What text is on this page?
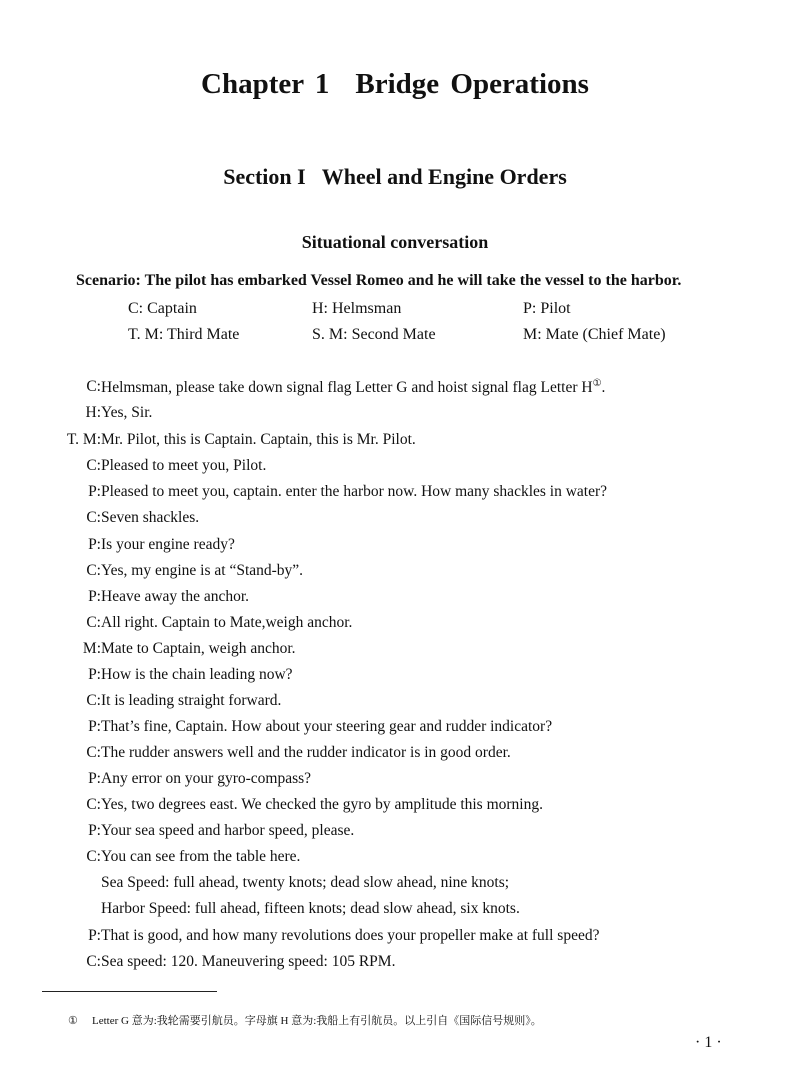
Chapter 1 Bridge Operations
Section I Wheel and Engine Orders
Situational conversation
Scenario: The pilot has embarked Vessel Romeo and he will take the vessel to the harbor.
C: Captain	H: Helmsman	P: Pilot
T. M: Third Mate	S. M: Second Mate	M: Mate (Chief Mate)
C: Helmsman, please take down signal flag Letter G and hoist signal flag Letter H①.
H: Yes, Sir.
T. M: Mr. Pilot, this is Captain. Captain, this is Mr. Pilot.
C: Pleased to meet you, Pilot.
P: Pleased to meet you, captain. enter the harbor now. How many shackles in water?
C: Seven shackles.
P: Is your engine ready?
C: Yes, my engine is at “Stand-by”.
P: Heave away the anchor.
C: All right. Captain to Mate,weigh anchor.
M: Mate to Captain, weigh anchor.
P: How is the chain leading now?
C: It is leading straight forward.
P: That’s fine, Captain. How about your steering gear and rudder indicator?
C: The rudder answers well and the rudder indicator is in good order.
P: Any error on your gyro-compass?
C: Yes, two degrees east. We checked the gyro by amplitude this morning.
P: Your sea speed and harbor speed, please.
C: You can see from the table here.
Sea Speed: full ahead, twenty knots; dead slow ahead, nine knots;
Harbor Speed: full ahead, fifteen knots; dead slow ahead, six knots.
P: That is good, and how many revolutions does your propeller make at full speed?
C: Sea speed: 120. Maneuvering speed: 105 RPM.
① Letter G 意为:我轮需要引航员。字母旗 H 意为:我船上有引航员。以上引自《国际信号规则》。
· 1 ·
